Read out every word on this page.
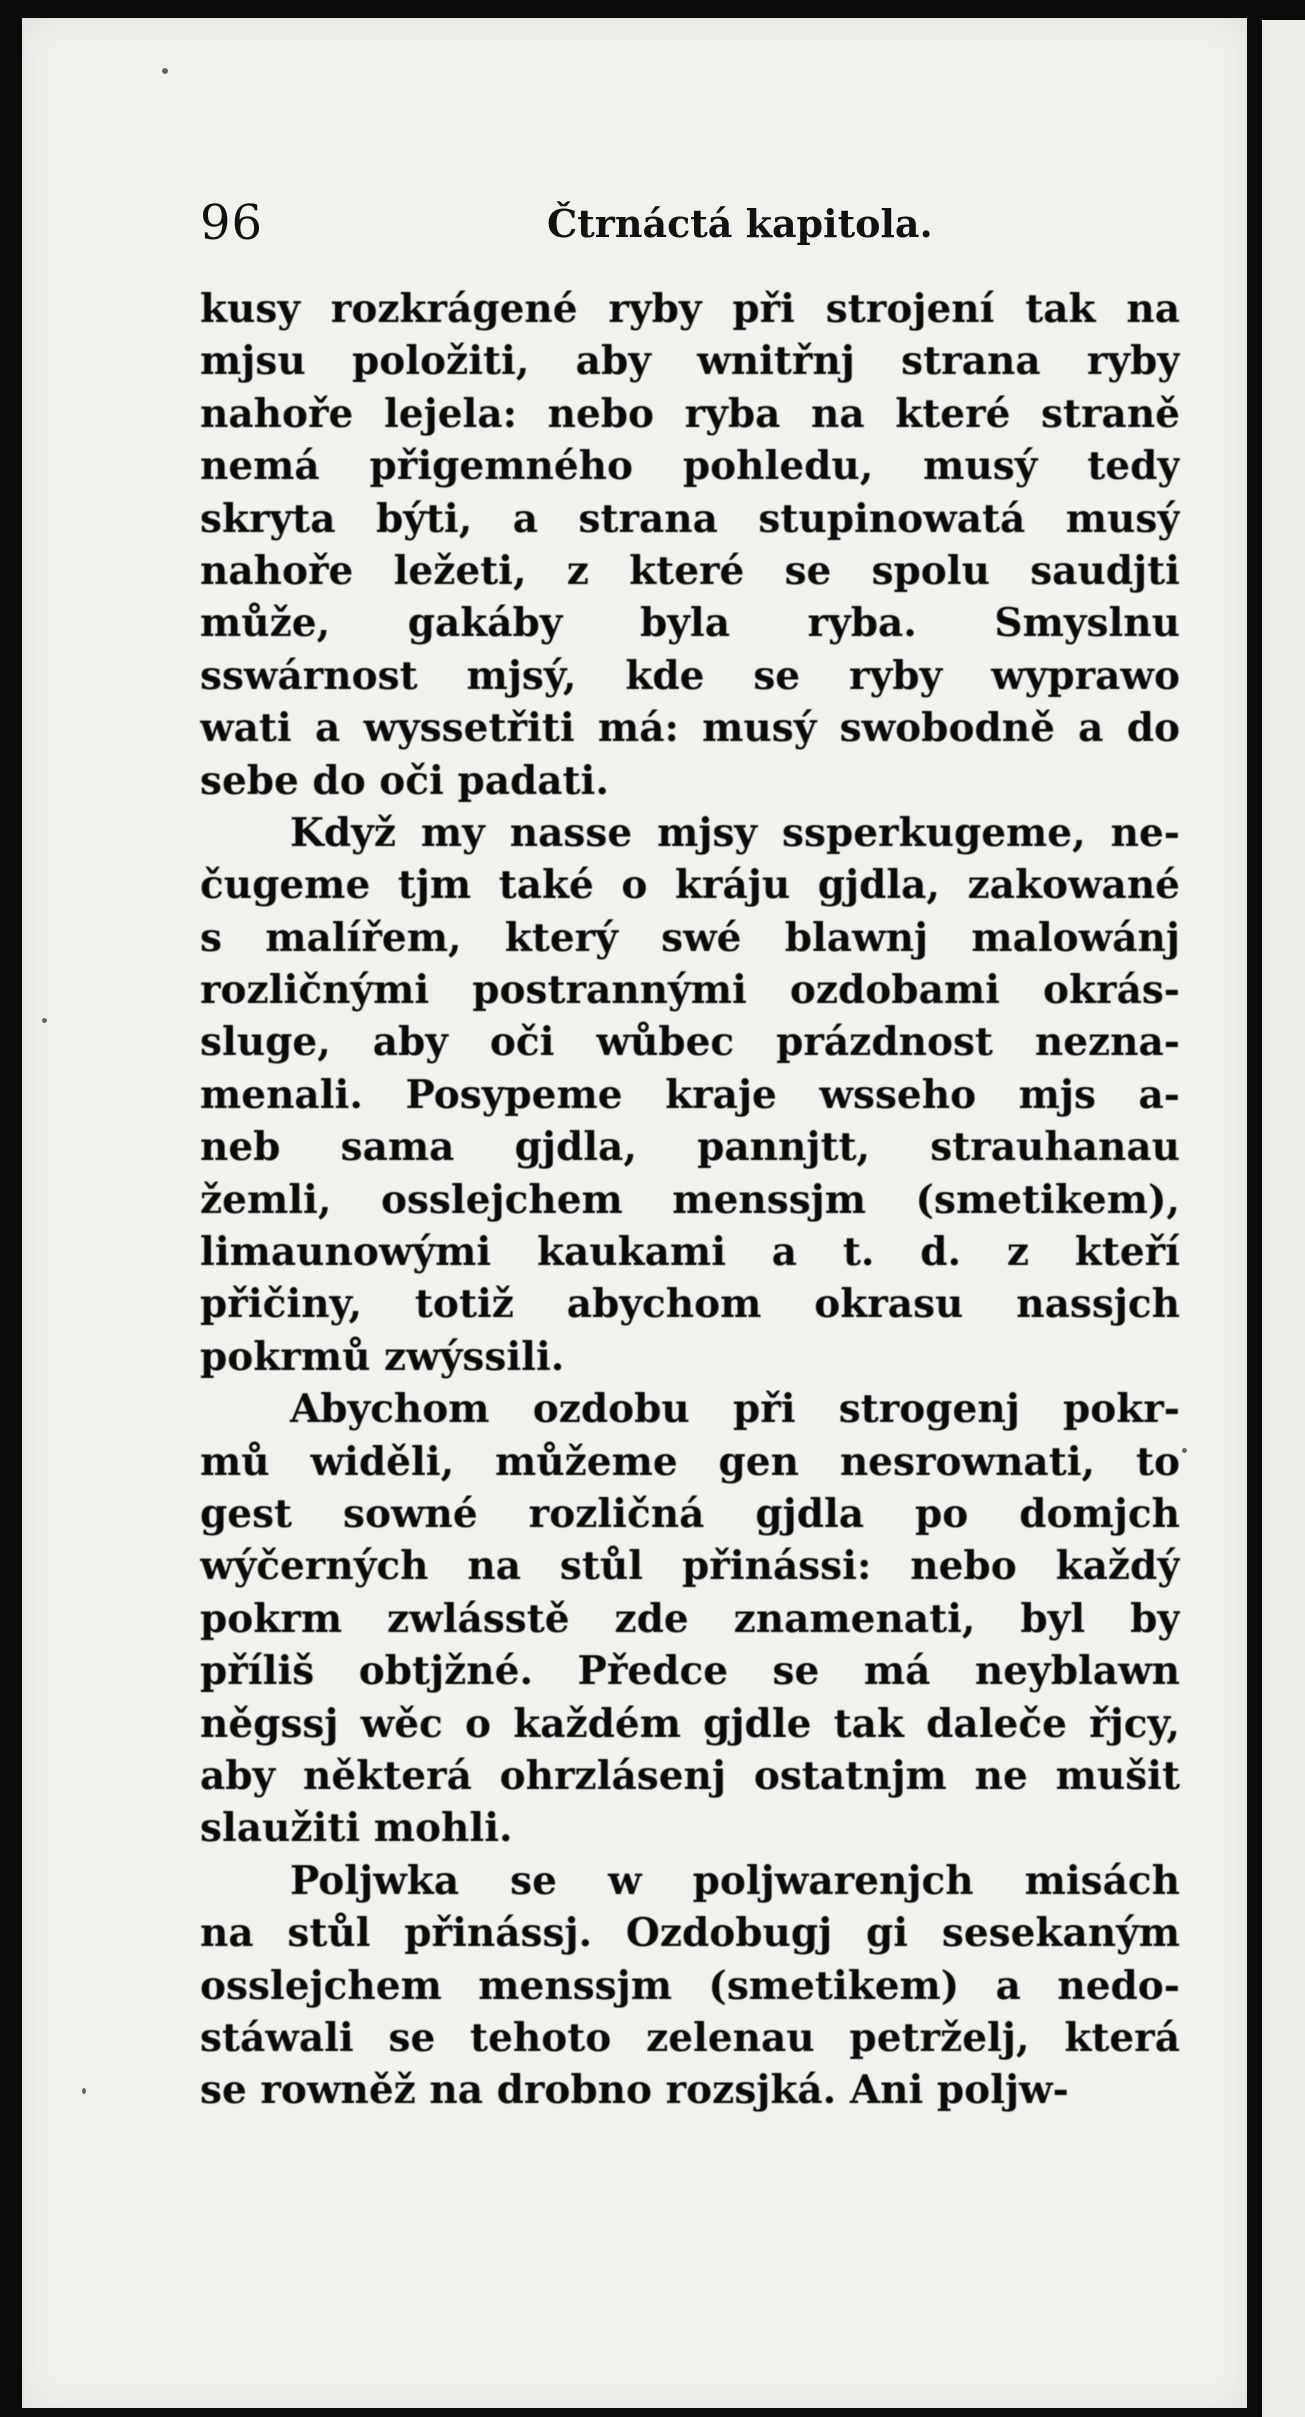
96	Čtrnáctá kapitola.
kusy rozkrágené ryby při strojení tak na
mjsu položiti, aby wnitřnj strana ryby
nahoře lejela: nebo ryba na které straně
nemá přigemného pohledu, musý tedy
skryta býti, a strana stupinowatá musý
nahoře ležeti, z které se spolu saudjti
může, gakáby byla ryba. Smyslnu
sswárnost mjsý, kde se ryby wyprawo
wati a wyssetřiti má: musý swobodně a do
sebe do oči padati.
Když my nasse mjsy ssperkugeme, ne-
čugeme tjm také o kráju gjdla, zakowané
s malířem, který swé blawnj malowánj
rozličnými postrannými ozdobami okrás-
sluge, aby oči wůbec prázdnost nezna-
menali. Posypeme kraje wsseho mjs a-
neb sama gjdla, pannjtt, strauhanau
žemli, osslejchem menssjm (smetikem),
limaunowými kaukami a t. d. z kteří
přičiny, totiž abychom okrasu nassjch
pokrmů zwýssili.
Abychom ozdobu při strogenj pokr-
mů widěli, můžeme gen nesrownati, to
gest sowné rozličná gjdla po domjch
wýčerných na stůl přinássi: nebo každý
pokrm zwlásstě zde znamenati, byl by
příliš obtjžné. Předce se má neyblawn
něgssj wěc o každém gjdle tak daleče řjcy,
aby některá ohrzlásenj ostatnjm ne mušit
slaužiti mohli.
Poljwka se w poljwarenjch misách
na stůl přinássj. Ozdobugj gi sesekaným
osslejchem menssjm (smetikem) a nedo-
stáwali se tehoto zelenau petrželj, která
se rowněž na drobno rozsjká. Ani poljw-
